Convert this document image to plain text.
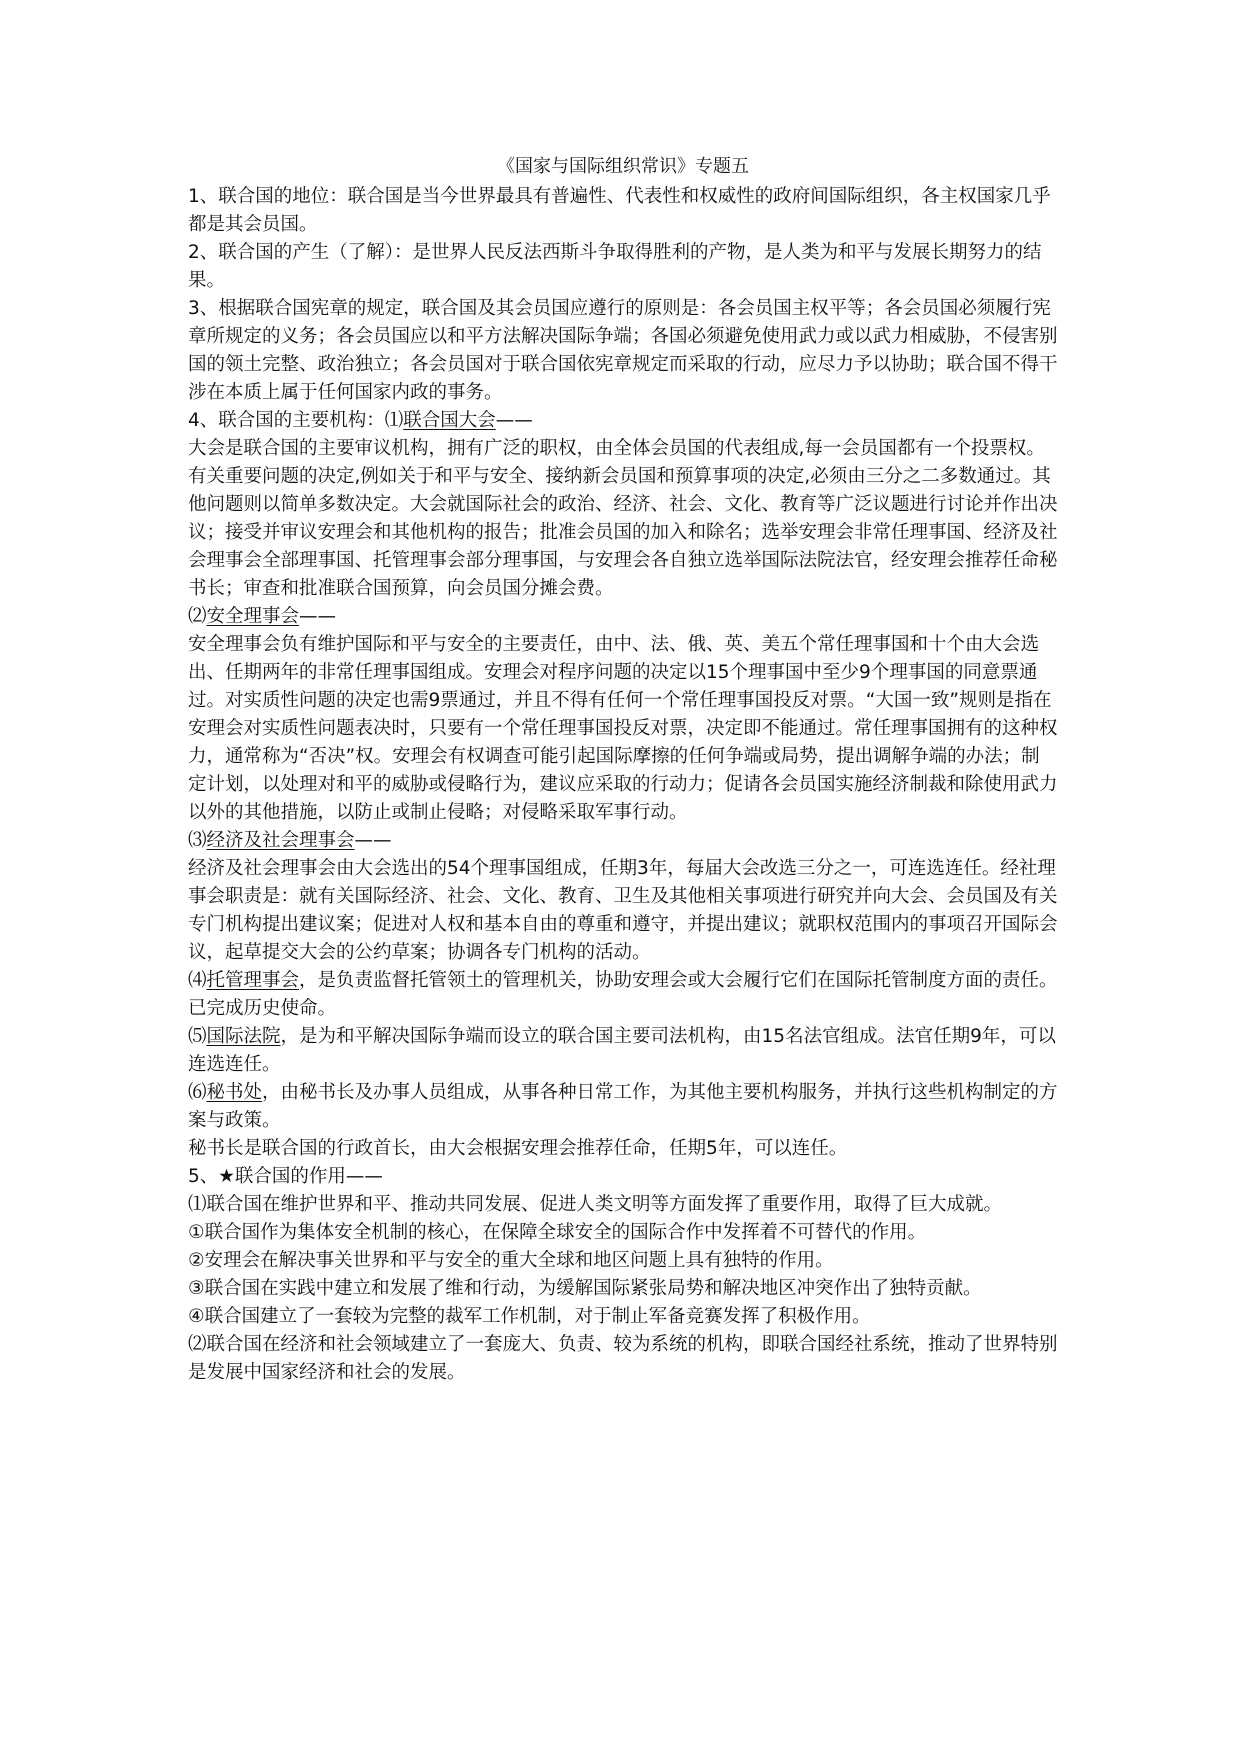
《国家与国际组织常识》专题五

1、联合国的地位：联合国是当今世界最具有普遍性、代表性和权威性的政府间国际组织，各主权国家几乎都是其会员国。

2、联合国的产生（了解）：是世界人民反法西斯斗争取得胜利的产物，是人类为和平与发展长期努力的结果。

3、根据联合国宪章的规定，联合国及其会员国应遵行的原则是：各会员国主权平等；各会员国必须履行宪章所规定的义务；各会员国应以和平方法解决国际争端；各国必须避免使用武力或以武力相威胁，不侵害别国的领土完整、政治独立；各会员国对于联合国依宪章规定而采取的行动，应尽力予以协助；联合国不得干涉在本质上属于任何国家内政的事务。

4、联合国的主要机构：⑴联合国大会——

大会是联合国的主要审议机构，拥有广泛的职权，由全体会员国的代表组成,每一会员国都有一个投票权。有关重要问题的决定,例如关于和平与安全、接纳新会员国和预算事项的决定,必须由三分之二多数通过。其他问题则以简单多数决定。大会就国际社会的政治、经济、社会、文化、教育等广泛议题进行讨论并作出决议；接受并审议安理会和其他机构的报告；批准会员国的加入和除名；选举安理会非常任理事国、经济及社会理事会全部理事国、托管理事会部分理事国，与安理会各自独立选举国际法院法官，经安理会推荐任命秘书长；审查和批准联合国预算，向会员国分摊会费。

⑵安全理事会——

安全理事会负有维护国际和平与安全的主要责任，由中、法、俄、英、美五个常任理事国和十个由大会选出、任期两年的非常任理事国组成。安理会对程序问题的决定以15个理事国中至少9个理事国的同意票通过。对实质性问题的决定也需9票通过，并且不得有任何一个常任理事国投反对票。“大国一致”规则是指在安理会对实质性问题表决时，只要有一个常任理事国投反对票，决定即不能通过。常任理事国拥有的这种权力，通常称为“否决”权。安理会有权调查可能引起国际摩擦的任何争端或局势，提出调解争端的办法；制定计划，以处理对和平的威胁或侵略行为，建议应采取的行动力；促请各会员国实施经济制裁和除使用武力以外的其他措施，以防止或制止侵略；对侵略采取军事行动。

⑶经济及社会理事会——

经济及社会理事会由大会选出的54个理事国组成，任期3年，每届大会改选三分之一，可连选连任。经社理事会职责是：就有关国际经济、社会、文化、教育、卫生及其他相关事项进行研究并向大会、会员国及有关专门机构提出建议案；促进对人权和基本自由的尊重和遵守，并提出建议；就职权范围内的事项召开国际会议，起草提交大会的公约草案；协调各专门机构的活动。

⑷托管理事会，是负责监督托管领土的管理机关，协助安理会或大会履行它们在国际托管制度方面的责任。已完成历史使命。

⑸国际法院，是为和平解决国际争端而设立的联合国主要司法机构，由15名法官组成。法官任期9年，可以连选连任。

⑹秘书处，由秘书长及办事人员组成，从事各种日常工作，为其他主要机构服务，并执行这些机构制定的方案与政策。

秘书长是联合国的行政首长，由大会根据安理会推荐任命，任期5年，可以连任。

5、★联合国的作用——

⑴联合国在维护世界和平、推动共同发展、促进人类文明等方面发挥了重要作用，取得了巨大成就。

①联合国作为集体安全机制的核心，在保障全球安全的国际合作中发挥着不可替代的作用。

②安理会在解决事关世界和平与安全的重大全球和地区问题上具有独特的作用。

③联合国在实践中建立和发展了维和行动，为缓解国际紧张局势和解决地区冲突作出了独特贡献。

④联合国建立了一套较为完整的裁军工作机制，对于制止军备竞赛发挥了积极作用。

⑵联合国在经济和社会领域建立了一套庞大、负责、较为系统的机构，即联合国经社系统，推动了世界特别是发展中国家经济和社会的发展。
